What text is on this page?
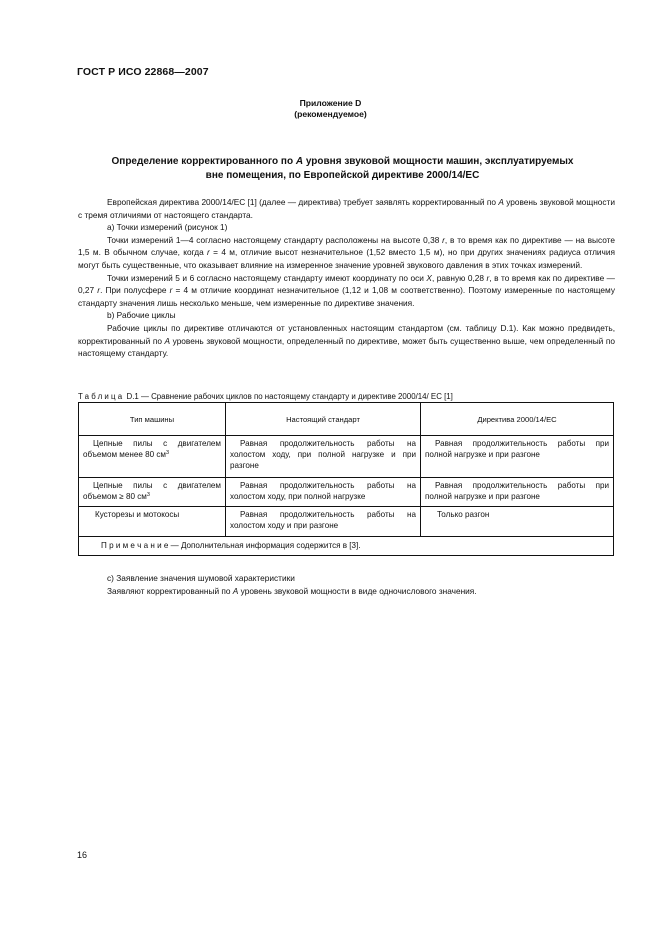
ГОСТ Р ИСО 22868—2007
Приложение D
(рекомендуемое)
Определение корректированного по A уровня звуковой мощности машин, эксплуатируемых
вне помещения, по Европейской директиве 2000/14/ЕС

Европейская директива 2000/14/ЕС [1] (далее — директива) требует заявлять корректированный по A уровень звуковой мощности с тремя отличиями от настоящего стандарта.

а) Точки измерений (рисунок 1)

Точки измерений 1—4 согласно настоящему стандарту расположены на высоте 0,38 r, в то время как по директиве — на высоте 1,5 м. В обычном случае, когда r = 4 м, отличие высот незначительное (1,52 вместо 1,5 м), но при других значениях радиуса отличия могут быть существенные, что оказывает влияние на измеренное значение уровней звукового давления в этих точках измерений.

Точки измерений 5 и 6 согласно настоящему стандарту имеют координату по оси X, равную 0,28 r, в то время как по директиве — 0,27 r. При полусфере r = 4 м отличие координат незначительное (1,12 и 1,08 м соответственно). Поэтому измеренные по настоящему стандарту значения лишь несколько меньше, чем измеренные по директиве значения.

b) Рабочие циклы

Рабочие циклы по директиве отличаются от установленных настоящим стандартом (см. таблицу D.1). Как можно предвидеть, корректированный по A уровень звуковой мощности, определенный по директиве, может быть существенно выше, чем определенный по настоящему стандарту.

Таблица D.1 — Сравнение рабочих циклов по настоящему стандарту и директиве 2000/14/ ЕС [1]
Тип машины	Настоящий стандарт	Директива 2000/14/ЕС
Цепные пилы с двигателем объемом менее 80 $см^3$	Равная продолжительность работы на холостом ходу, при полной нагрузке и при разгоне	Равная продолжительность работы при полной нагрузке и при разгоне
Цепные пилы с двигателем объемом ≥ 80 $см^3$	Равная продолжительность работы на холостом ходу, при полной нагрузке	Равная продолжительность работы при полной нагрузке и при разгоне
Кусторезы и мотокосы	Равная продолжительность работы на холостом ходу и при разгоне	Только разгон
П р и м е ч а н и е — Дополнительная информация содержится в [3].		

с) Заявление значения шумовой характеристики

Заявляют корректированный по A уровень звуковой мощности в виде одночислового значения.

16
